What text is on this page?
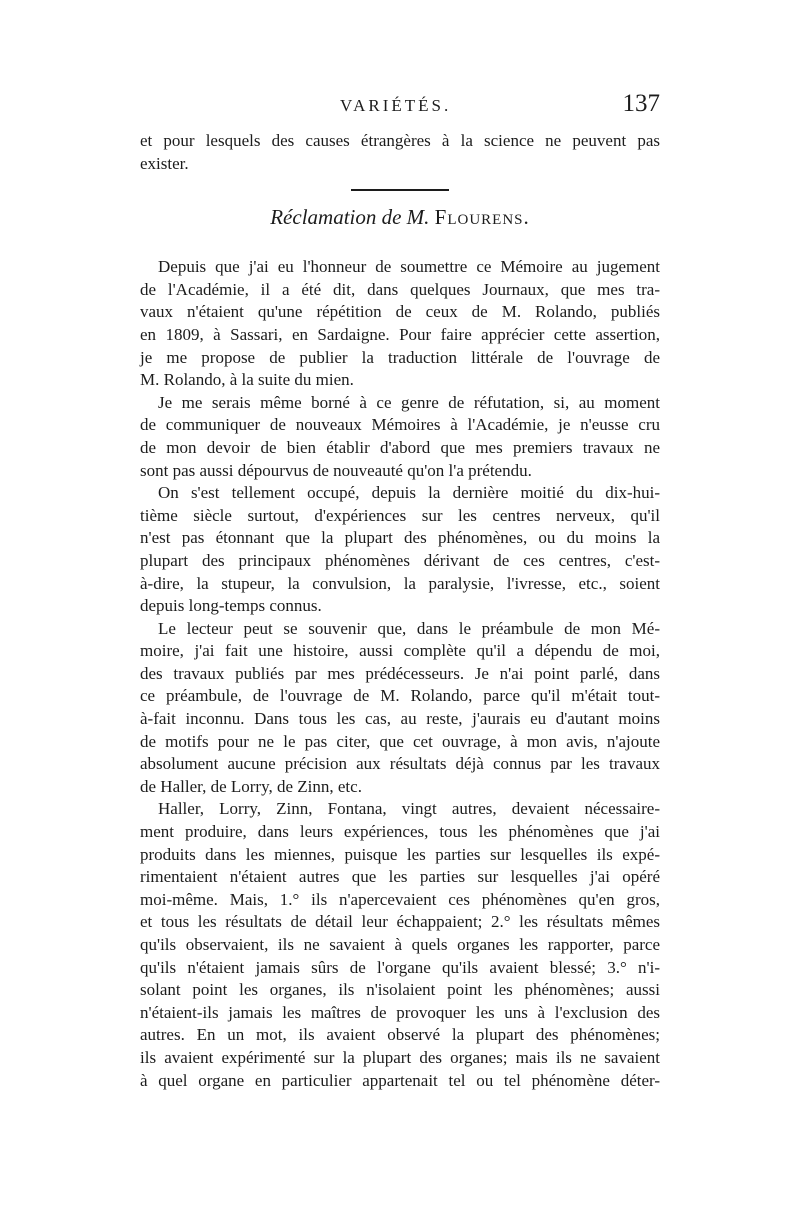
VARIÉTÉS.	137
et pour lesquels des causes étrangères à la science ne peuvent pas
exister.
Réclamation de M. Flourens.
Depuis que j'ai eu l'honneur de soumettre ce Mémoire au jugement
de l'Académie, il a été dit, dans quelques Journaux, que mes tra-
vaux n'étaient qu'une répétition de ceux de M. Rolando, publiés
en 1809, à Sassari, en Sardaigne. Pour faire apprécier cette assertion,
je me propose de publier la traduction littérale de l'ouvrage de
M. Rolando, à la suite du mien.
Je me serais même borné à ce genre de réfutation, si, au moment
de communiquer de nouveaux Mémoires à l'Académie, je n'eusse cru
de mon devoir de bien établir d'abord que mes premiers travaux ne
sont pas aussi dépourvus de nouveauté qu'on l'a prétendu.
On s'est tellement occupé, depuis la dernière moitié du dix-hui-
tième siècle surtout, d'expériences sur les centres nerveux, qu'il
n'est pas étonnant que la plupart des phénomènes, ou du moins la
plupart des principaux phénomènes dérivant de ces centres, c'est-
à-dire, la stupeur, la convulsion, la paralysie, l'ivresse, etc., soient
depuis long-temps connus.
Le lecteur peut se souvenir que, dans le préambule de mon Mé-
moire, j'ai fait une histoire, aussi complète qu'il a dépendu de moi,
des travaux publiés par mes prédécesseurs. Je n'ai point parlé, dans
ce préambule, de l'ouvrage de M. Rolando, parce qu'il m'était tout-
à-fait inconnu. Dans tous les cas, au reste, j'aurais eu d'autant moins
de motifs pour ne le pas citer, que cet ouvrage, à mon avis, n'ajoute
absolument aucune précision aux résultats déjà connus par les travaux
de Haller, de Lorry, de Zinn, etc.
Haller, Lorry, Zinn, Fontana, vingt autres, devaient nécessaire-
ment produire, dans leurs expériences, tous les phénomènes que j'ai
produits dans les miennes, puisque les parties sur lesquelles ils expé-
rimentaient n'étaient autres que les parties sur lesquelles j'ai opéré
moi-même. Mais, 1.° ils n'apercevaient ces phénomènes qu'en gros,
et tous les résultats de détail leur échappaient; 2.° les résultats mêmes
qu'ils observaient, ils ne savaient à quels organes les rapporter, parce
qu'ils n'étaient jamais sûrs de l'organe qu'ils avaient blessé; 3.° n'i-
solant point les organes, ils n'isolaient point les phénomènes; aussi
n'étaient-ils jamais les maîtres de provoquer les uns à l'exclusion des
autres. En un mot, ils avaient observé la plupart des phénomènes;
ils avaient expérimenté sur la plupart des organes; mais ils ne savaient
à quel organe en particulier appartenait tel ou tel phénomène déter-
